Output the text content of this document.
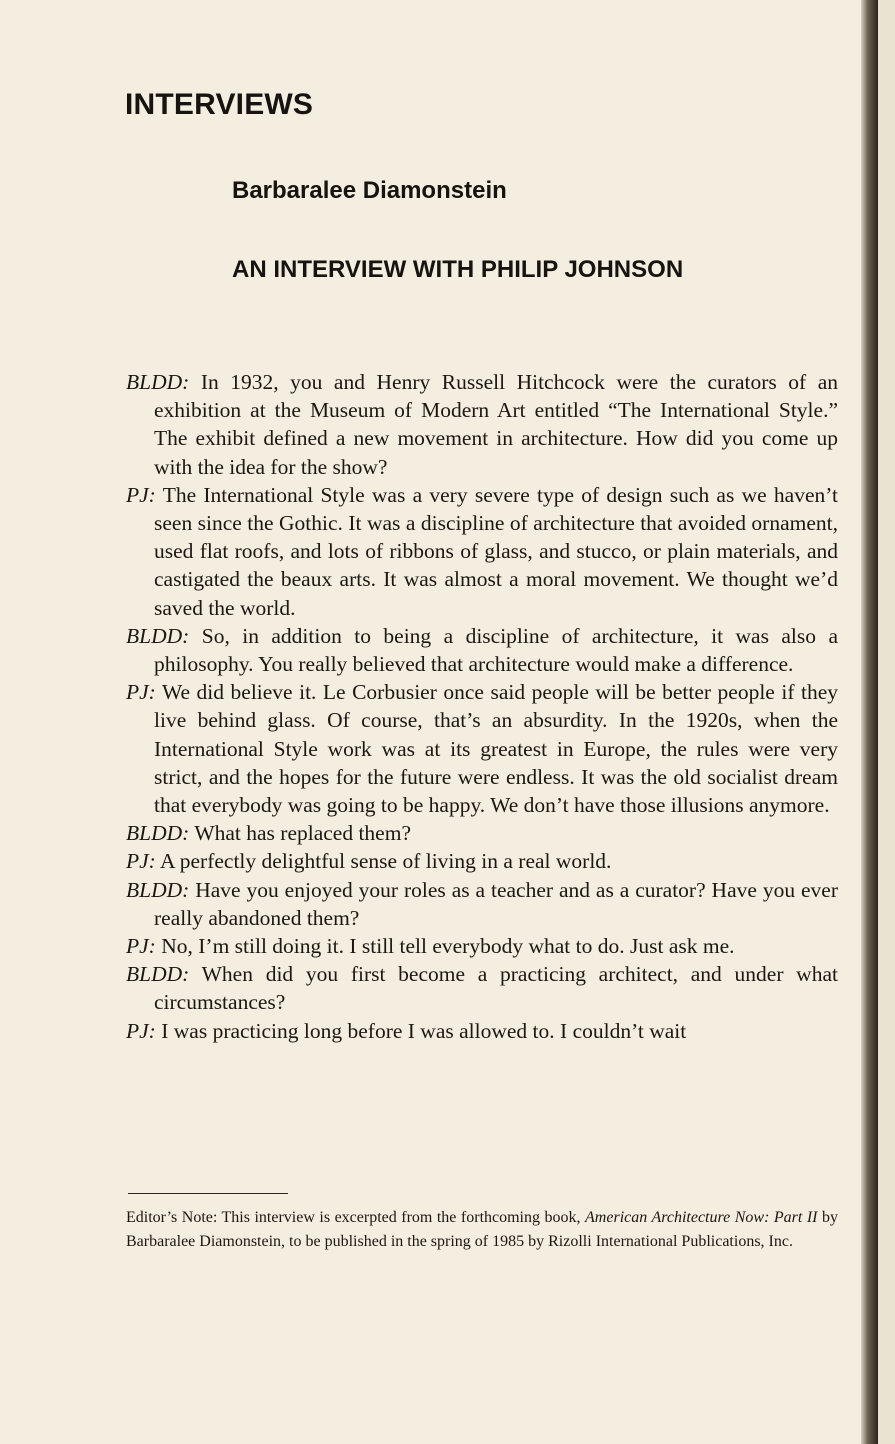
INTERVIEWS
Barbaralee Diamonstein
AN INTERVIEW WITH PHILIP JOHNSON

BLDD: In 1932, you and Henry Russell Hitchcock were the curators of an exhibition at the Museum of Modern Art entitled “The International Style.” The exhibit defined a new movement in architecture. How did you come up with the idea for the show?

PJ: The International Style was a very severe type of design such as we haven’t seen since the Gothic. It was a discipline of architecture that avoided ornament, used flat roofs, and lots of ribbons of glass, and stucco, or plain materials, and castigated the beaux arts. It was almost a moral movement. We thought we’d saved the world.

BLDD: So, in addition to being a discipline of architecture, it was also a philosophy. You really believed that architecture would make a difference.

PJ: We did believe it. Le Corbusier once said people will be better people if they live behind glass. Of course, that’s an absurdity. In the 1920s, when the International Style work was at its greatest in Europe, the rules were very strict, and the hopes for the future were endless. It was the old socialist dream that everybody was going to be happy. We don’t have those illusions anymore.

BLDD: What has replaced them?

PJ: A perfectly delightful sense of living in a real world.

BLDD: Have you enjoyed your roles as a teacher and as a curator? Have you ever really abandoned them?

PJ: No, I’m still doing it. I still tell everybody what to do. Just ask me.

BLDD: When did you first become a practicing architect, and under what circumstances?

PJ: I was practicing long before I was allowed to. I couldn’t wait

Editor’s Note: This interview is excerpted from the forthcoming book, American Architecture Now: Part II by Barbaralee Diamonstein, to be published in the spring of 1985 by Rizolli International Publications, Inc.
